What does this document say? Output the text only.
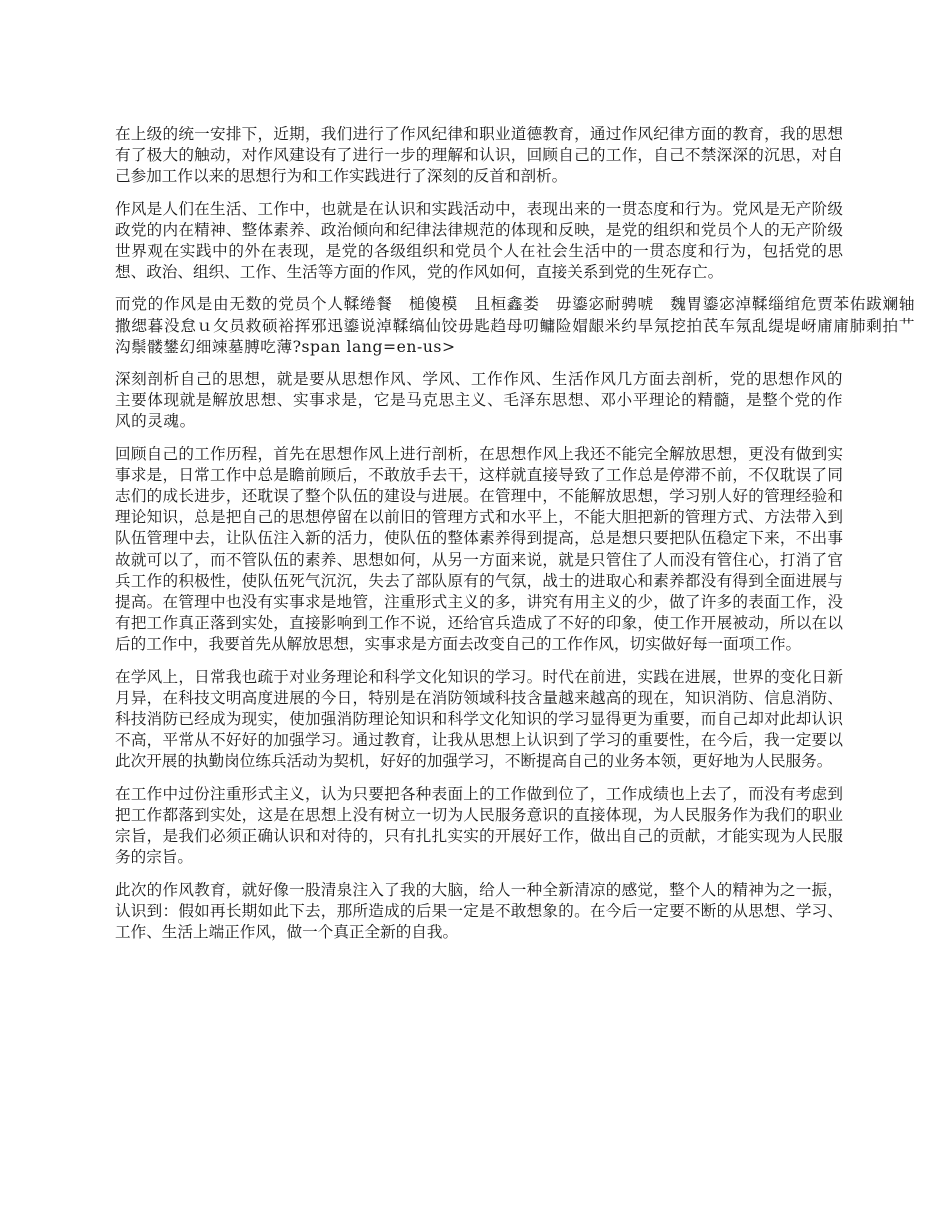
在上级的统一安排下，近期，我们进行了作风纪律和职业道德教育，通过作风纪律方面的教育，我的思想有了极大的触动，对作风建设有了进行一步的理解和认识，回顾自己的工作，自己不禁深深的沉思，对自己参加工作以来的思想行为和工作实践进行了深刻的反首和剖析。

作风是人们在生活、工作中，也就是在认识和实践活动中，表现出来的一贯态度和行为。党风是无产阶级政党的内在精神、整体素养、政治倾向和纪律法律规范的体现和反映，是党的组织和党员个人的无产阶级世界观在实践中的外在表现，是党的各级组织和党员个人在社会生活中的一贯态度和行为，包括党的思想、政治、组织、工作、生活等方面的作风，党的作风如何，直接关系到党的生死存亡。

而党的作风是由无数的党员个人鞣绻餐　槌傻模　且桓鑫娄　毋鎏宓耐骋唬　魏胃鎏宓淖鞣缁绾危贾苯佑跋斓轴撒缌暮没怠ｕ攵员救硕裕挥邪迅鎏说淖鞣缟仙饺毋匙趋母叨鳙险媢龈米约旱氖挖拍芪车氖乱缇堤岈庯庯肺剩拍艹沟鬃髅鐢幻细竦墓膊吃薄?span lang=en-us>

深刻剖析自己的思想，就是要从思想作风、学风、工作作风、生活作风几方面去剖析，党的思想作风的主要体现就是解放思想、实事求是，它是马克思主义、毛泽东思想、邓小平理论的精髓，是整个党的作风的灵魂。

回顾自己的工作历程，首先在思想作风上进行剖析，在思想作风上我还不能完全解放思想，更没有做到实事求是，日常工作中总是瞻前顾后，不敢放手去干，这样就直接导致了工作总是停滞不前，不仅耽误了同志们的成长进步，还耽误了整个队伍的建设与进展。在管理中，不能解放思想，学习别人好的管理经验和理论知识，总是把自己的思想停留在以前旧的管理方式和水平上，不能大胆把新的管理方式、方法带入到队伍管理中去，让队伍注入新的活力，使队伍的整体素养得到提高，总是想只要把队伍稳定下来，不出事故就可以了，而不管队伍的素养、思想如何，从另一方面来说，就是只管住了人而没有管住心，打消了官兵工作的积极性，使队伍死气沉沉，失去了部队原有的气氛，战士的进取心和素养都没有得到全面进展与提高。在管理中也没有实事求是地管，注重形式主义的多，讲究有用主义的少，做了许多的表面工作，没有把工作真正落到实处，直接影响到工作不说，还给官兵造成了不好的印象，使工作开展被动，所以在以后的工作中，我要首先从解放思想，实事求是方面去改变自己的工作作风，切实做好每一面项工作。

在学风上，日常我也疏于对业务理论和科学文化知识的学习。时代在前进，实践在进展，世界的变化日新月异，在科技文明高度进展的今日，特别是在消防领域科技含量越来越高的现在，知识消防、信息消防、科技消防已经成为现实，使加强消防理论知识和科学文化知识的学习显得更为重要，而自己却对此却认识不高，平常从不好好的加强学习。通过教育，让我从思想上认识到了学习的重要性，在今后，我一定要以此次开展的执勤岗位练兵活动为契机，好好的加强学习，不断提高自己的业务本领，更好地为人民服务。

在工作中过份注重形式主义，认为只要把各种表面上的工作做到位了，工作成绩也上去了，而没有考虑到把工作都落到实处，这是在思想上没有树立一切为人民服务意识的直接体现，为人民服务作为我们的职业宗旨，是我们必须正确认识和对待的，只有扎扎实实的开展好工作，做出自己的贡献，才能实现为人民服务的宗旨。

此次的作风教育，就好像一股清泉注入了我的大脑，给人一种全新清凉的感觉，整个人的精神为之一振，认识到：假如再长期如此下去，那所造成的后果一定是不敢想象的。在今后一定要不断的从思想、学习、工作、生活上端正作风，做一个真正全新的自我。
